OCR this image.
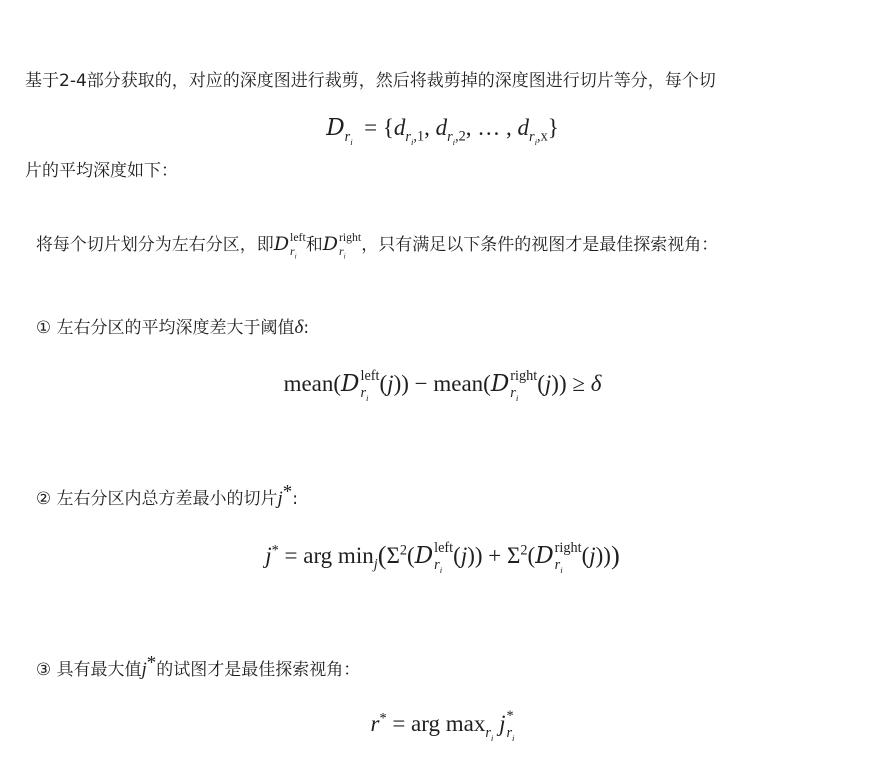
基于2-4部分获取的，对应的深度图进行裁剪，然后将裁剪掉的深度图进行切片等分，每个切

片的平均深度如下：

$D_{r_i} = \{d_{r_i,1}$, $d_{r_i,2}$, … , $d_{r_i,x}$}

将每个切片划分为左右分区，即D left
$r_i$
和D right
$r_i$
，只有满足以下条件的视图才是最佳探索视角：

① 左右分区的平均深度差大于阈值δ:

mean(D left
$r_i$
(j)) − mean(D right
$r_i$
(j)) ≥ δ

② 左右分区内总方差最小的切片j*:

j* = arg $\min_j(\Sigma^2(D$ left
$r_i$
$(j)) + \Sigma^2(D$ right
$r_i$
(j)))

③ 具有最大值j*的试图才是最佳探索视角：

r* = arg $\max_{r_i} j$ *
$r_i$
